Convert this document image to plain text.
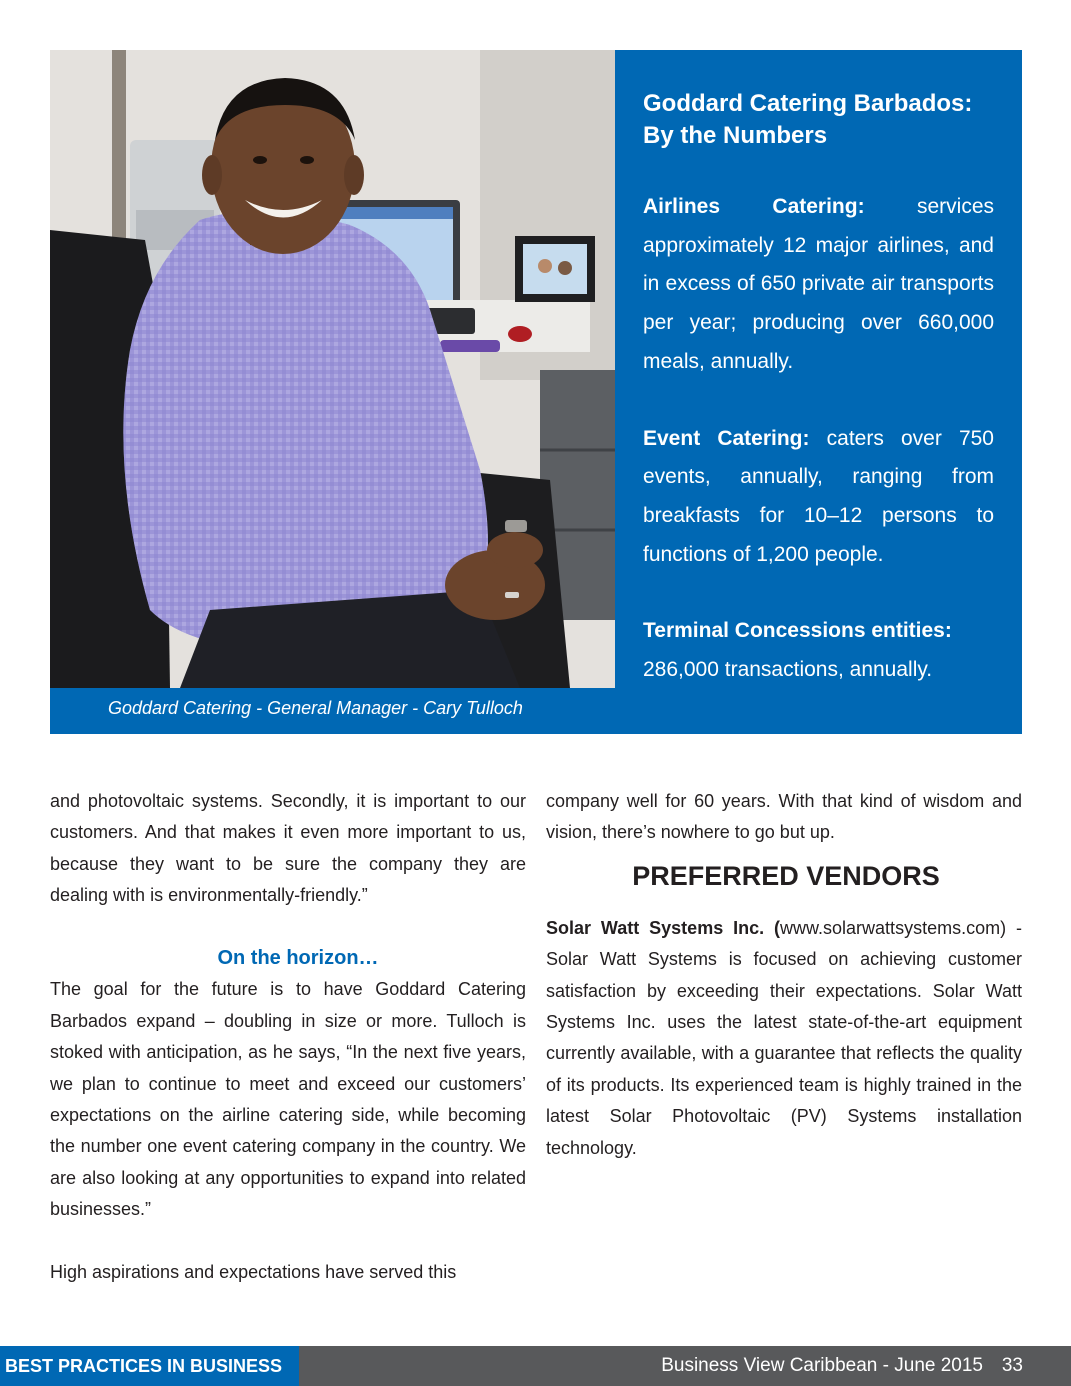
Goddard Catering - General Manager - Cary Tulloch
Goddard Catering Barbados: By the Numbers

Airlines Catering: services approximately 12 major airlines, and in excess of 650 private air transports per year; producing over 660,000 meals, annually.

Event Catering: caters over 750 events, annually, ranging from breakfasts for 10–12 persons to functions of 1,200 people.

Terminal Concessions entities:
286,000 transactions, annually.

and photovoltaic systems. Secondly, it is important to our customers. And that makes it even more important to us, because they want to be sure the company they are dealing with is environmentally-friendly.”

On the horizon…

The goal for the future is to have Goddard Catering Barbados expand – doubling in size or more. Tulloch is stoked with anticipation, as he says, “In the next five years, we plan to continue to meet and exceed our customers’ expectations on the airline catering side, while becoming the number one event catering company in the country. We are also looking at any opportunities to expand into related businesses.”

High aspirations and expectations have served this

company well for 60 years. With that kind of wisdom and vision, there’s nowhere to go but up.

PREFERRED VENDORS

Solar Watt Systems Inc. (www.solarwattsystems.com) - Solar Watt Systems is focused on achieving customer satisfaction by exceeding their expectations. Solar Watt Systems Inc. uses the latest state-of-the-art equipment currently available, with a guarantee that reflects the quality of its products. Its experienced team is highly trained in the latest Solar Photovoltaic (PV) Systems installation technology.

BEST PRACTICES IN BUSINESS	Business View Caribbean - June 2015 33
